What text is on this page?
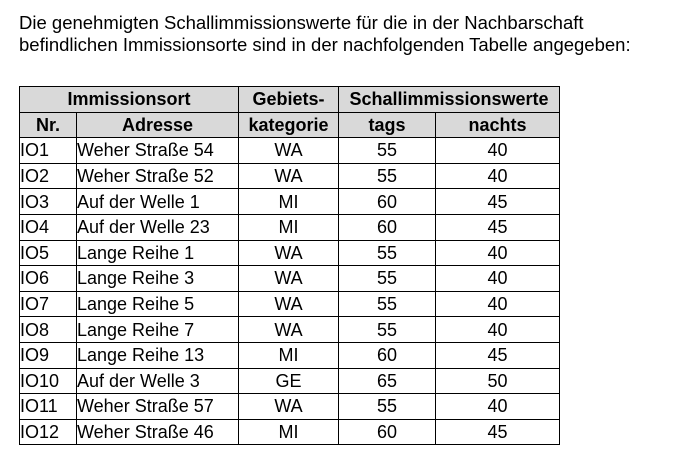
Die genehmigten Schallimmissionswerte für die in der Nachbarschaft
befindlichen Immissionsorte sind in der nachfolgenden Tabelle angegeben:

Immissionsort		Gebiets-	Schallimmissionswerte	
Nr.	Adresse	kategorie	tags	nachts
IO1	Weher Straße 54	WA	55	40
IO2	Weher Straße 52	WA	55	40
IO3	Auf der Welle 1	MI	60	45
IO4	Auf der Welle 23	MI	60	45
IO5	Lange Reihe 1	WA	55	40
IO6	Lange Reihe 3	WA	55	40
IO7	Lange Reihe 5	WA	55	40
IO8	Lange Reihe 7	WA	55	40
IO9	Lange Reihe 13	MI	60	45
IO10	Auf der Welle 3	GE	65	50
IO11	Weher Straße 57	WA	55	40
IO12	Weher Straße 46	MI	60	45
